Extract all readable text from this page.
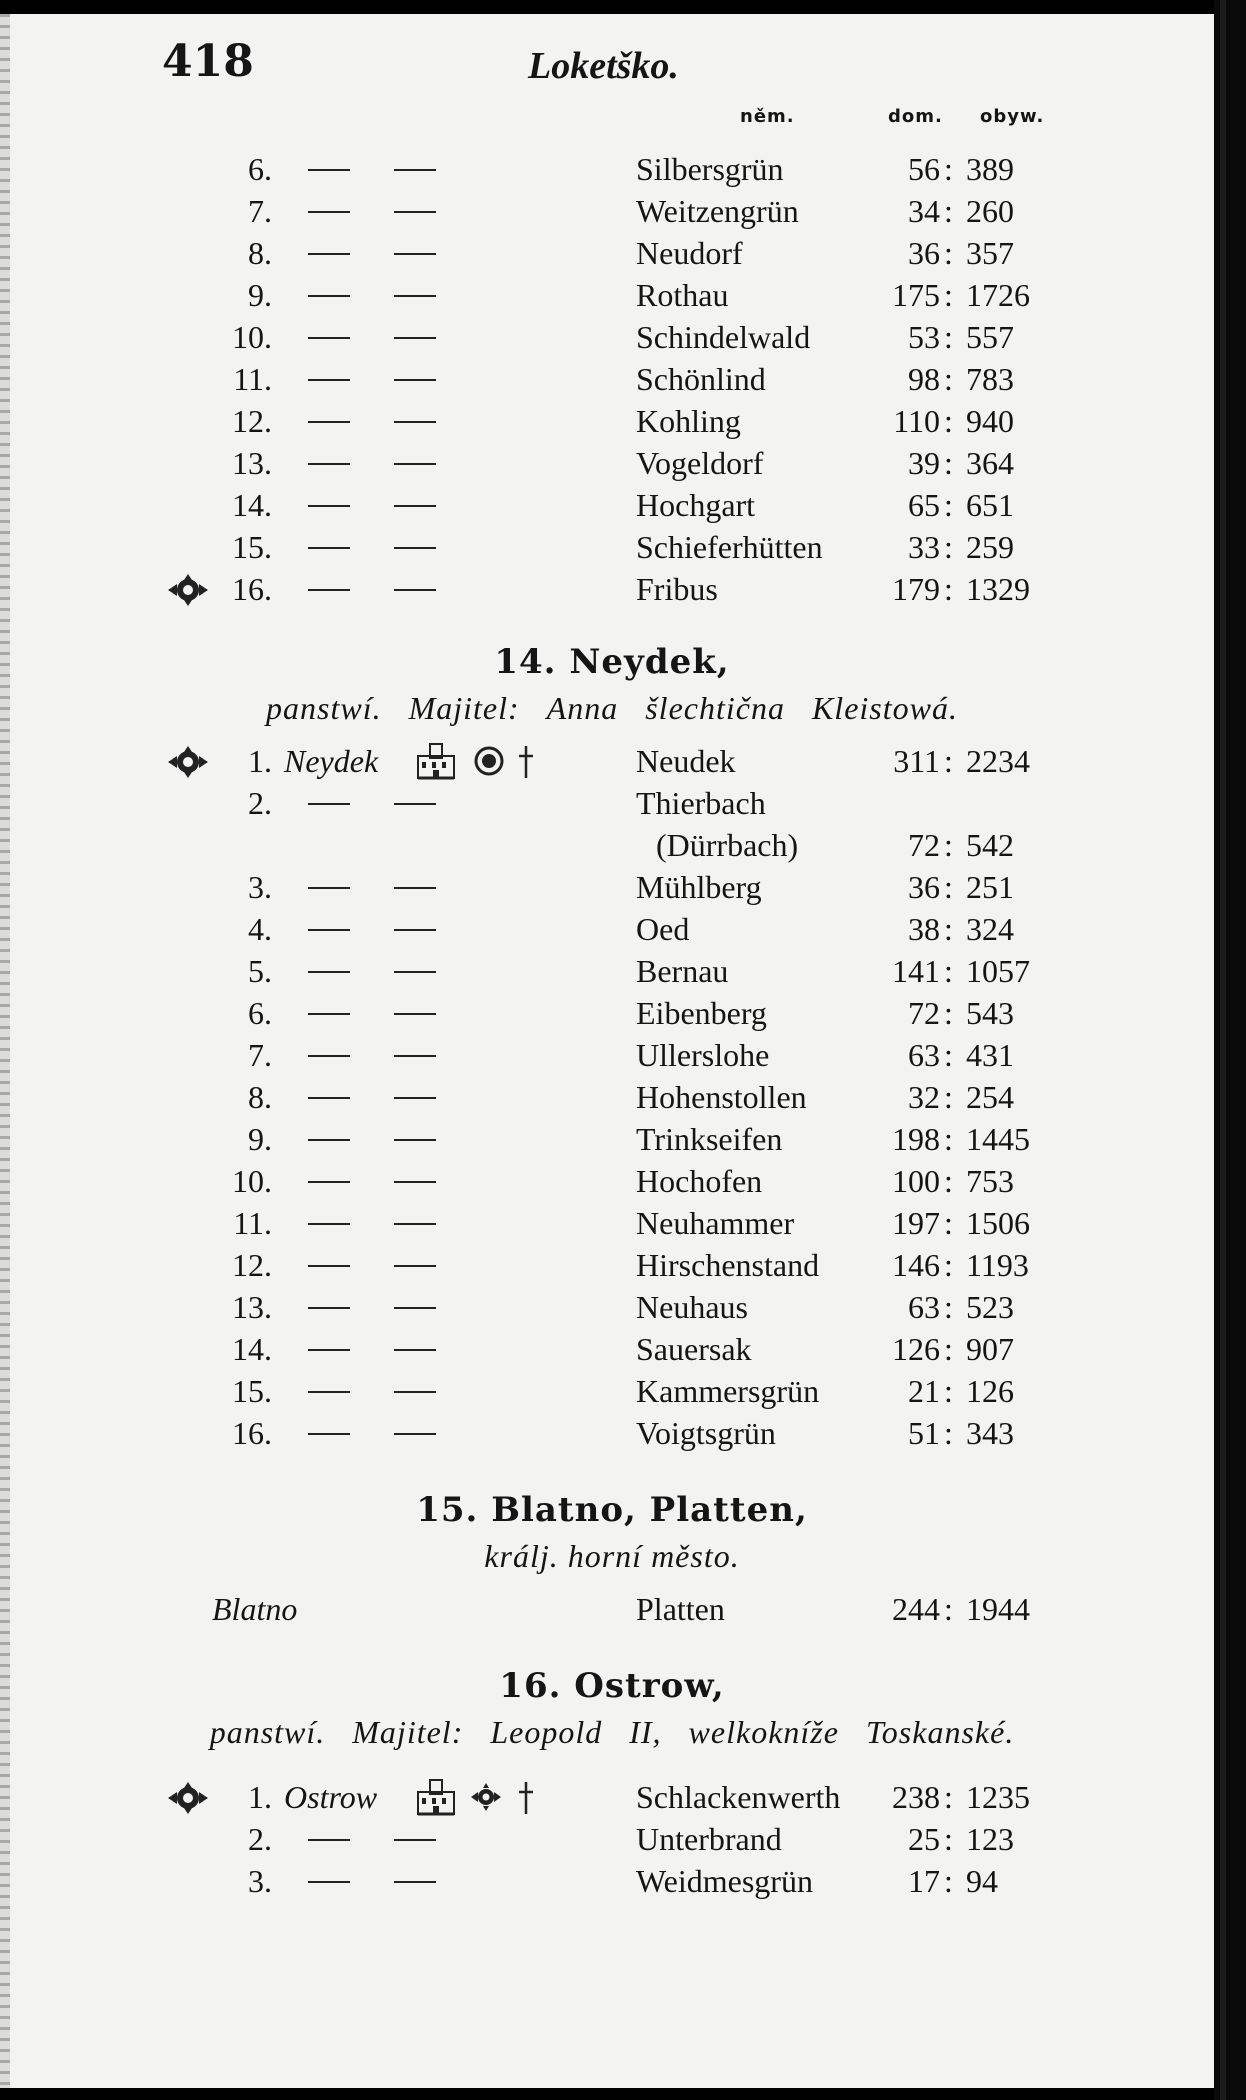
418	Loketško.
něm.	dom. obyw.
6.	Silbersgrün	56 : 389
7.	Weitzengrün	34 : 260
8.	Neudorf	36 : 357
9.	Rothau	175 : 1726
10.	Schindelwald	53 : 557
11.	Schönlind	98 : 783
12.	Kohling	110 : 940
13.	Vogeldorf	39 : 364
14.	Hochgart	65 : 651
15.	Schieferhütten	33 : 259
16.	Fribus	179 : 1329
14. Neydek,
panstwí. Majitel: Anna šlechtična Kleistowá.
1. Neydek	Neudek	311 : 2234
2.	Thierbach
(Dürrbach)	72 : 542
3.	Mühlberg	36 : 251
4.	Oed	38 : 324
5.	Bernau	141 : 1057
6.	Eibenberg	72 : 543
7.	Ullerslohe	63 : 431
8.	Hohenstollen	32 : 254
9.	Trinkseifen	198 : 1445
10.	Hochofen	100 : 753
11.	Neuhammer	197 : 1506
12.	Hirschenstand	146 : 1193
13.	Neuhaus	63 : 523
14.	Sauersak	126 : 907
15.	Kammersgrün	21 : 126
16.	Voigtsgrün	51 : 343
15. Blatno, Platten,
králj. horní město.
Blatno	Platten	244 : 1944
16. Ostrow,
panstwí. Majitel: Leopold II, welkokníže Toskanské.
1. Ostrow	Schlackenwerth	238 : 1235
2.	Unterbrand	25 : 123
3.	Weidmesgrün	17 : 94
